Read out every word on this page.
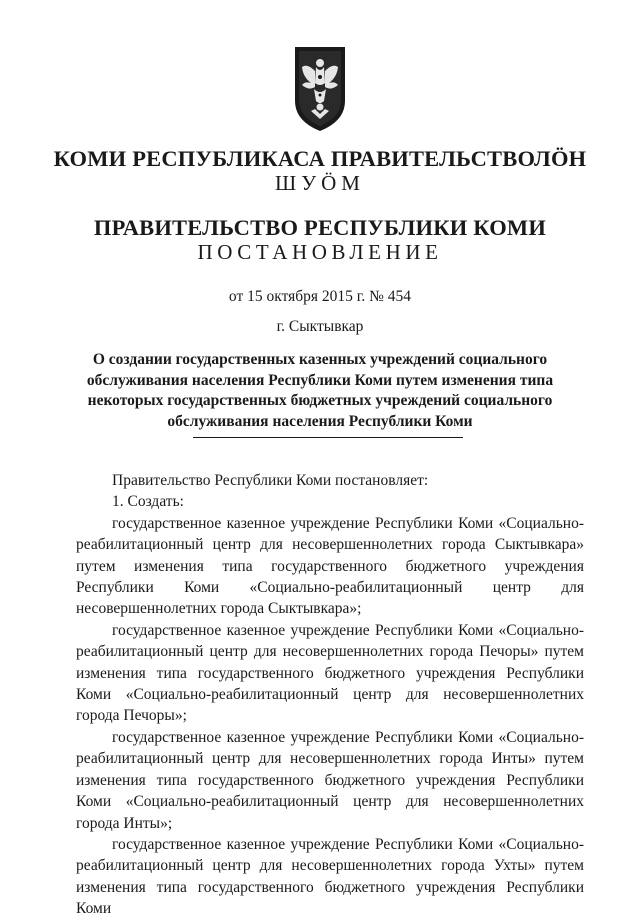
КОМИ РЕСПУБЛИКАСА ПРАВИТЕЛЬСТВОЛӦН
ШУӦМ
ПРАВИТЕЛЬСТВО РЕСПУБЛИКИ КОМИ
ПОСТАНОВЛЕНИЕ
от 15 октября 2015 г. № 454
г. Сыктывкар
О создании государственных казенных учреждений социального
обслуживания населения Республики Коми путем изменения типа
некоторых государственных бюджетных учреждений социального
обслуживания населения Республики Коми

Правительство Республики Коми постановляет:

1. Создать:

государственное казенное учреждение Республики Коми «Социально-реабилитационный центр для несовершеннолетних города Сыктывкара» путем изменения типа государственного бюджетного учреждения Республики Коми «Социально-реабилитационный центр для несовершеннолетних города Сыктывкара»;

государственное казенное учреждение Республики Коми «Социально-реабилитационный центр для несовершеннолетних города Печоры» путем изменения типа государственного бюджетного учреждения Республики Коми «Социально-реабилитационный центр для несовершеннолетних города Печоры»;

государственное казенное учреждение Республики Коми «Социально-реабилитационный центр для несовершеннолетних города Инты» путем изменения типа государственного бюджетного учреждения Республики Коми «Социально-реабилитационный центр для несовершеннолетних города Инты»;

государственное казенное учреждение Республики Коми «Социально-реабилитационный центр для несовершеннолетних города Ухты» путем изменения типа государственного бюджетного учреждения Республики Коми
